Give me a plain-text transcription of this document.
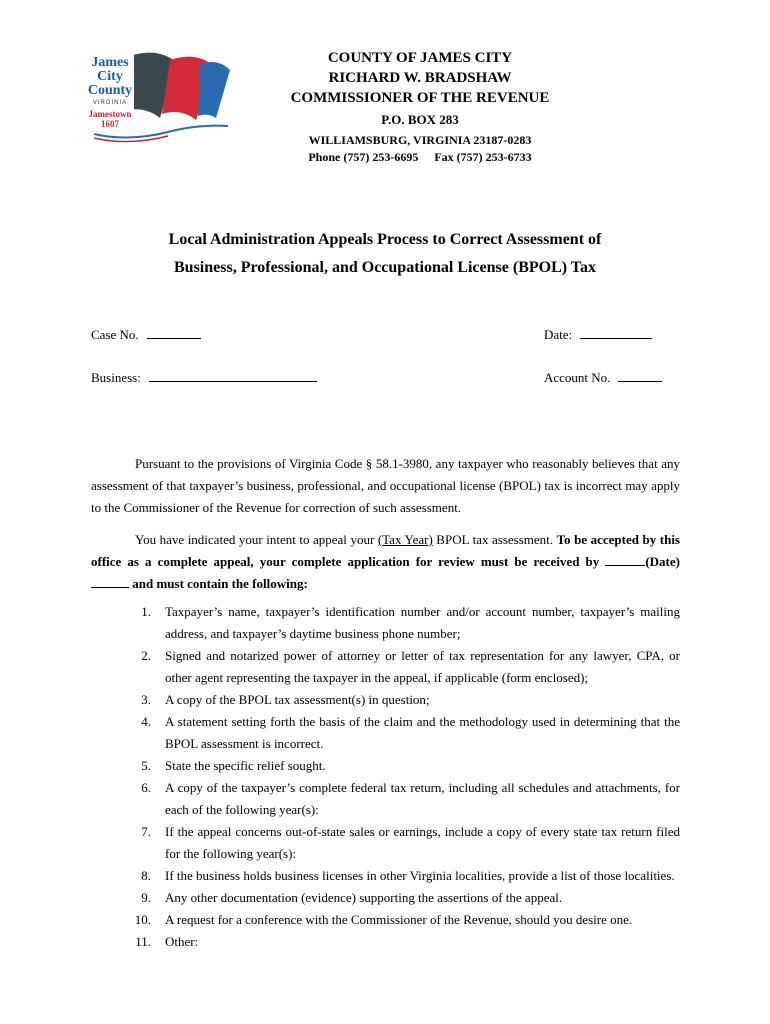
James
City
County
VIRGINIA
Jamestown
1607
COUNTY OF JAMES CITY
RICHARD W. BRADSHAW
COMMISSIONER OF THE REVENUE
P.O. BOX 283
WILLIAMSBURG, VIRGINIA 23187-0283
Phone (757) 253-6695 Fax (757) 253-6733
Local Administration Appeals Process to Correct Assessment of
Business, Professional, and Occupational License (BPOL) Tax
Case No.	Date:
Business:	Account No.

Pursuant to the provisions of Virginia Code § 58.1-3980, any taxpayer who reasonably believes that any assessment of that taxpayer’s business, professional, and occupational license (BPOL) tax is incorrect may apply to the Commissioner of the Revenue for correction of such assessment.

You have indicated your intent to appeal your (Tax Year) BPOL tax assessment. To be accepted by this office as a complete appeal, your complete application for review must be received by	(Date)  and must contain the following:

1. Taxpayer’s name, taxpayer’s identification number and/or account number, taxpayer’s mailing address, and taxpayer’s daytime business phone number;
2. Signed and notarized power of attorney or letter of tax representation for any lawyer, CPA, or other agent representing the taxpayer in the appeal, if applicable (form enclosed);
3. A copy of the BPOL tax assessment(s) in question;
4. A statement setting forth the basis of the claim and the methodology used in determining that the BPOL assessment is incorrect.
5. State the specific relief sought.
6. A copy of the taxpayer’s complete federal tax return, including all schedules and attachments, for each of the following year(s):
7. If the appeal concerns out-of-state sales or earnings, include a copy of every state tax return filed for the following year(s):
8. If the business holds business licenses in other Virginia localities, provide a list of those localities.
9. Any other documentation (evidence) supporting the assertions of the appeal.
10. A request for a conference with the Commissioner of the Revenue, should you desire one.
11. Other:
